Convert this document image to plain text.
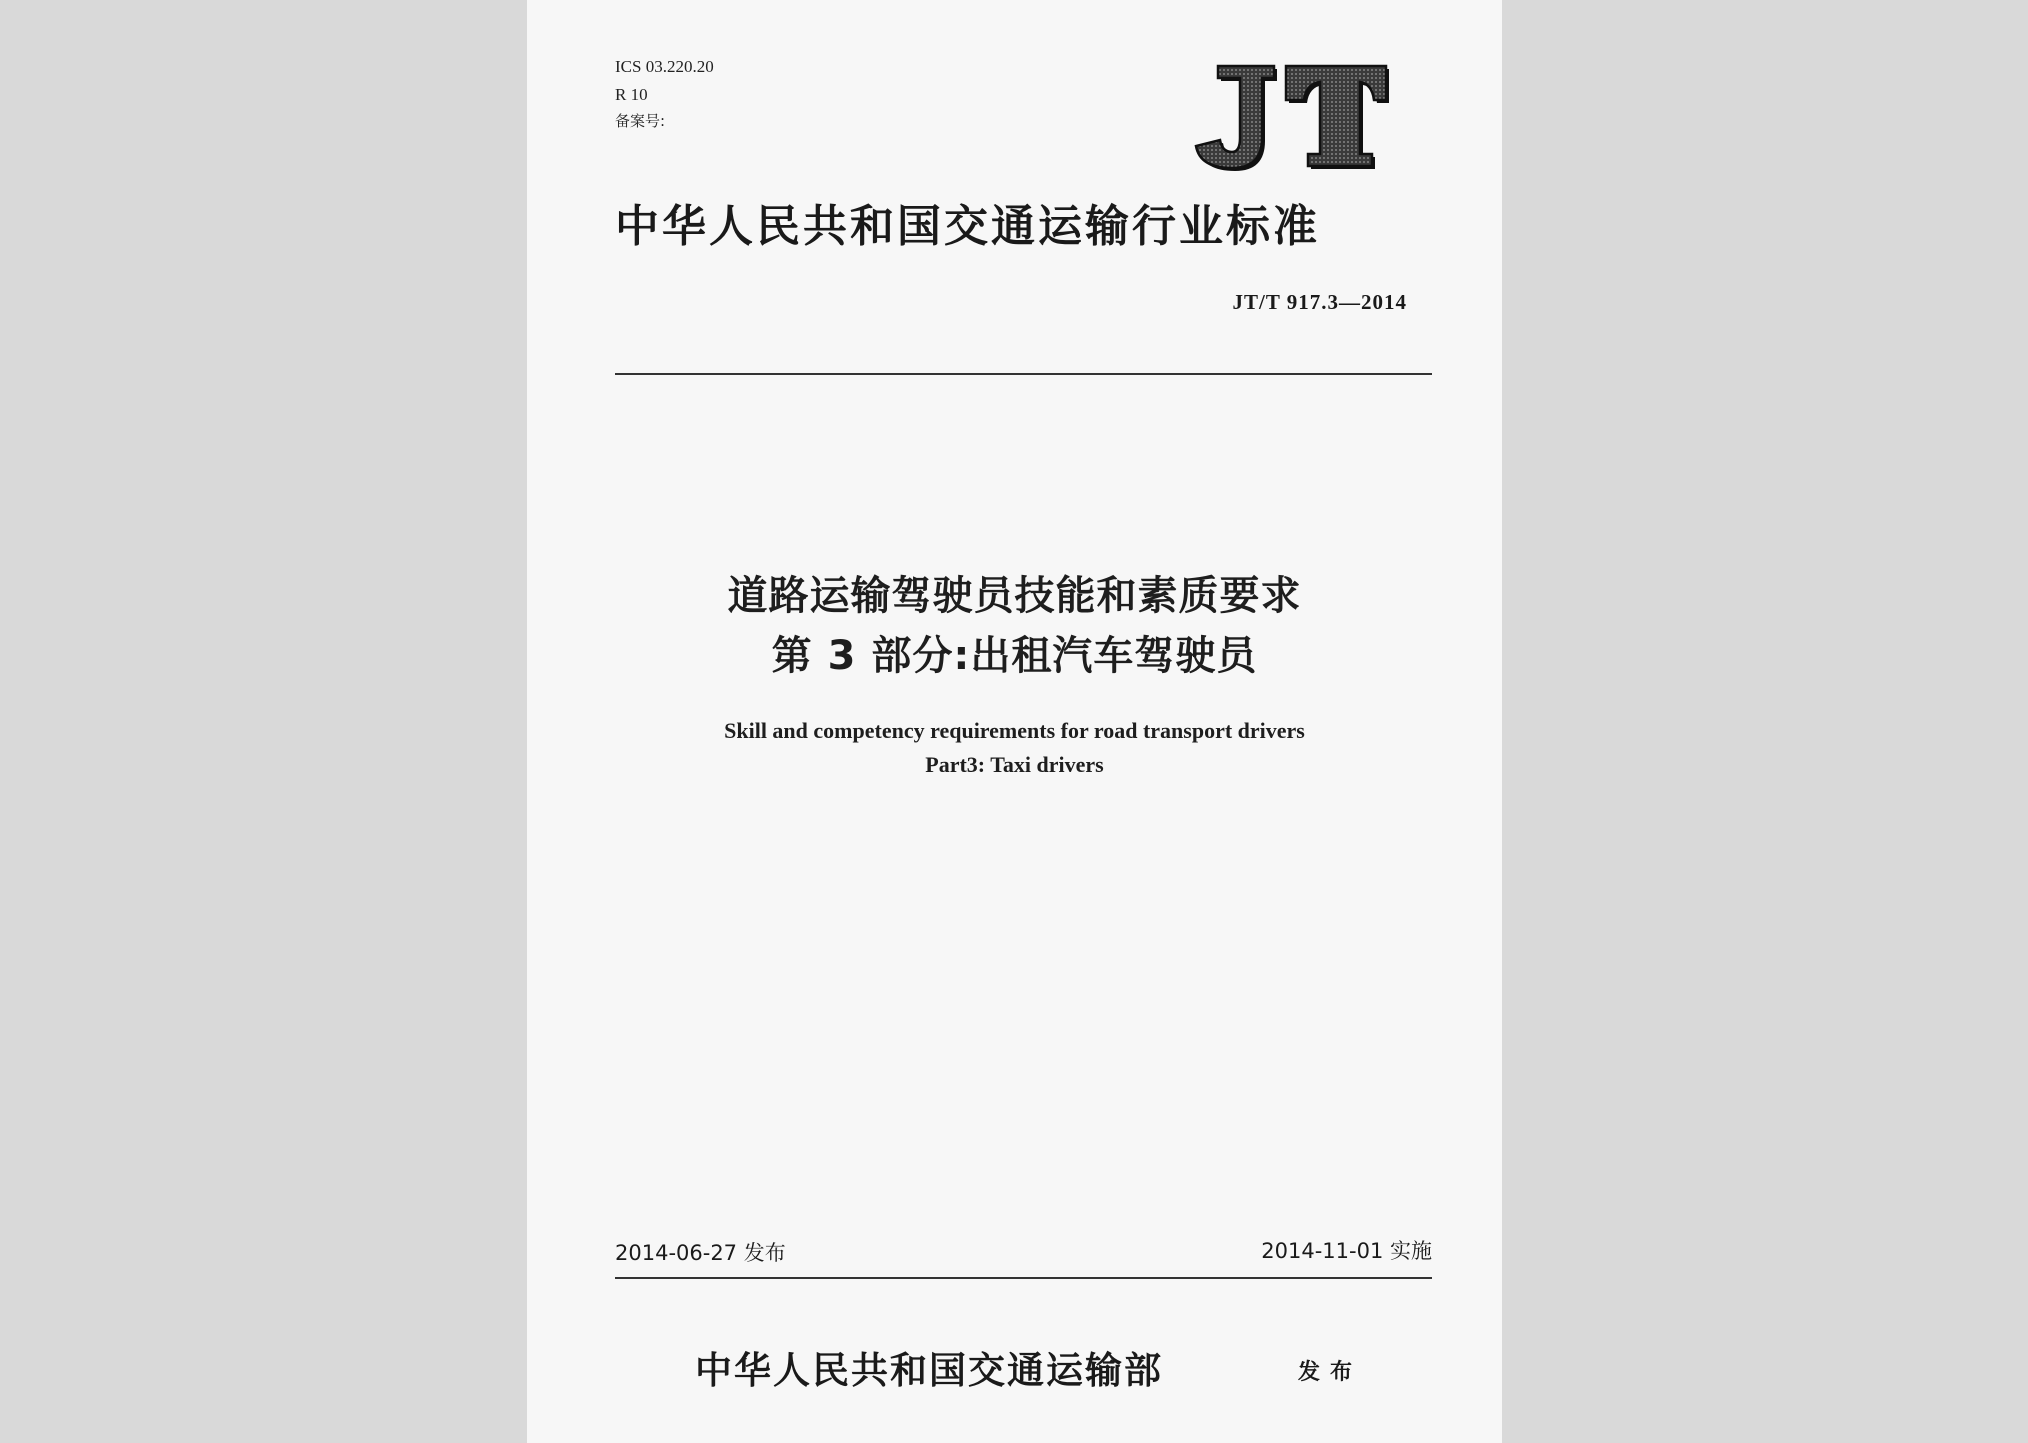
ICS 03.220.20
R 10
备案号:
中华人民共和国交通运输行业标准
JT/T 917.3—2014
道路运输驾驶员技能和素质要求
第 3 部分:出租汽车驾驶员
Skill and competency requirements for road transport drivers
Part3: Taxi drivers
2014-06-27 发布	2014-11-01 实施
中华人民共和国交通运输部	发布
